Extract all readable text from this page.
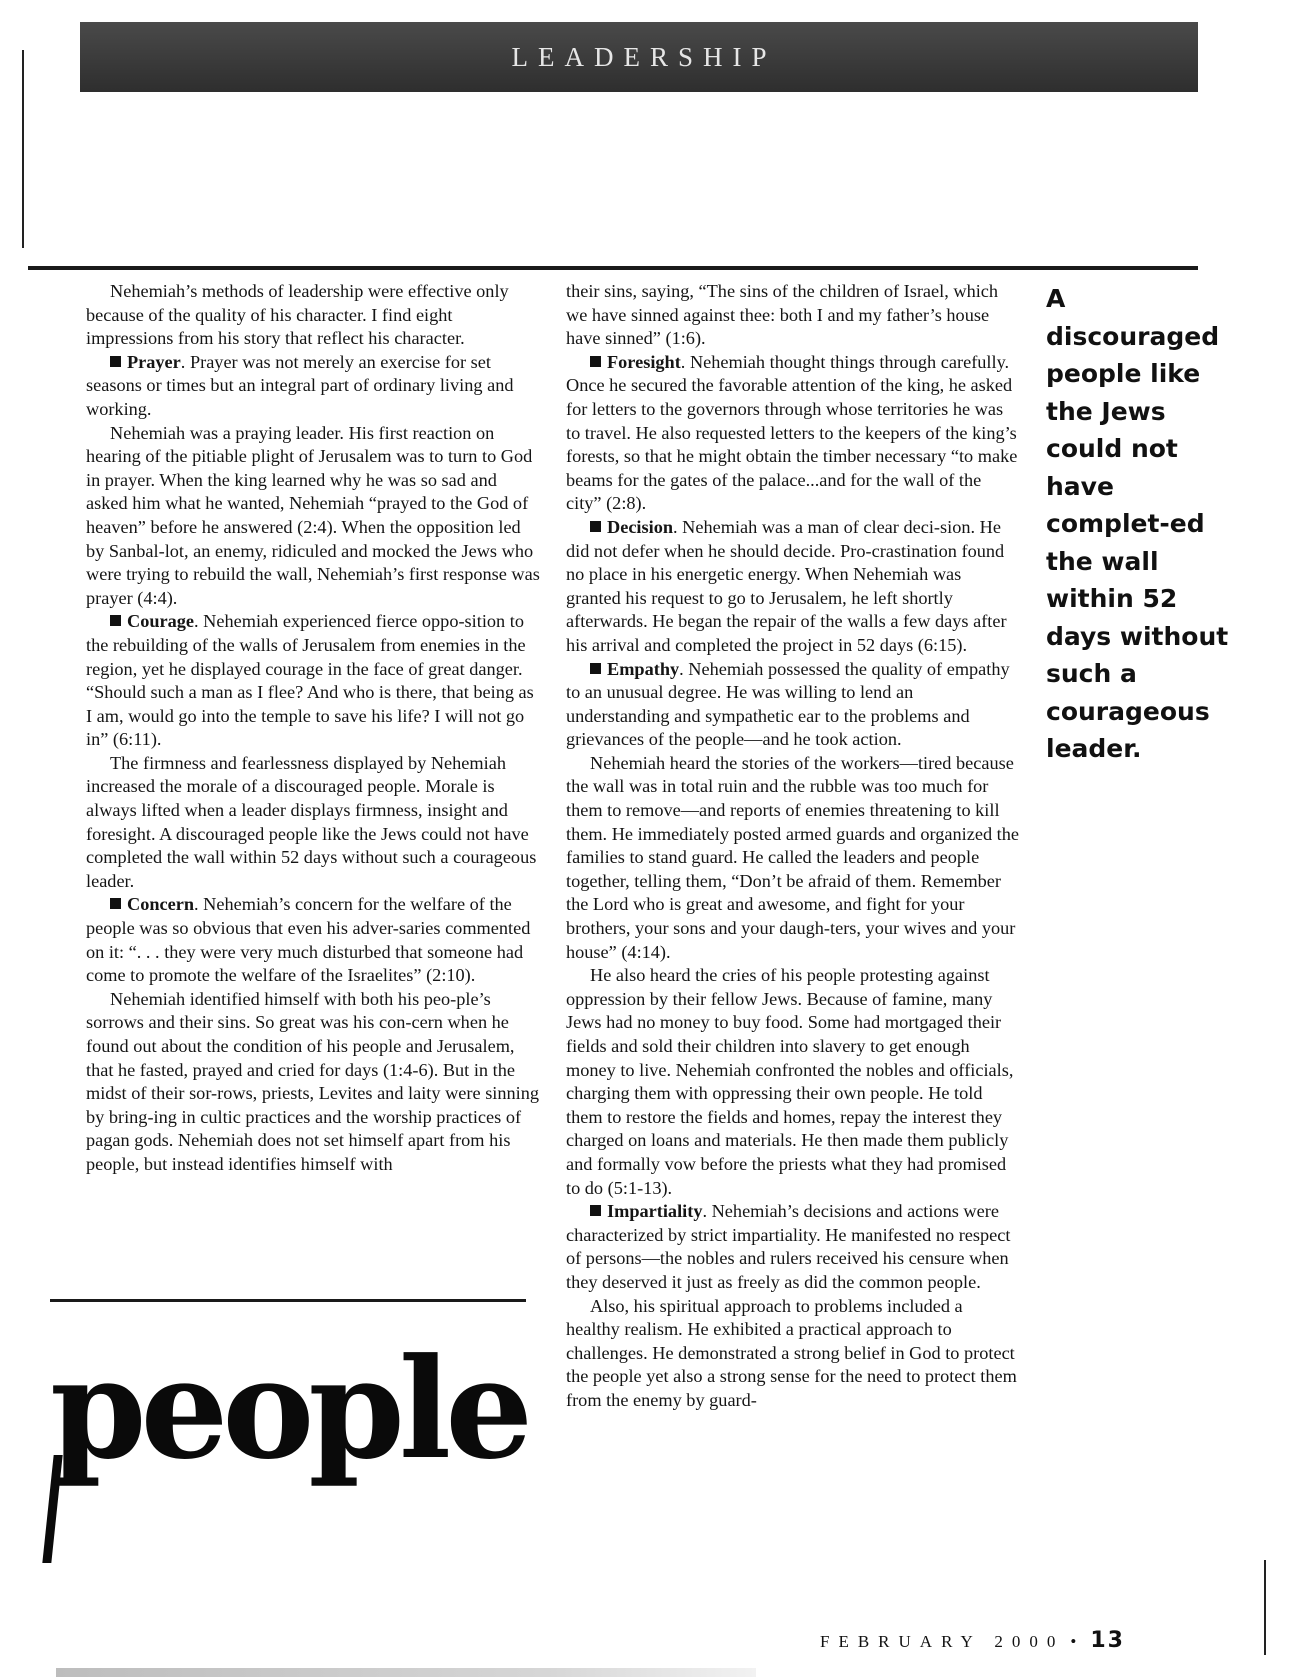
LEADERSHIP

Nehemiah’s methods of leadership were effective only because of the quality of his character. I find eight impressions from his story that reflect his character.

Prayer. Prayer was not merely an exercise for set seasons or times but an integral part of ordinary living and working.

Nehemiah was a praying leader. His first reaction on hearing of the pitiable plight of Jerusalem was to turn to God in prayer. When the king learned why he was so sad and asked him what he wanted, Nehemiah “prayed to the God of heaven” before he answered (2:4). When the opposition led by Sanbal-lot, an enemy, ridiculed and mocked the Jews who were trying to rebuild the wall, Nehemiah’s first response was prayer (4:4).

Courage. Nehemiah experienced fierce oppo-sition to the rebuilding of the walls of Jerusalem from enemies in the region, yet he displayed courage in the face of great danger. “Should such a man as I flee? And who is there, that being as I am, would go into the temple to save his life? I will not go in” (6:11).

The firmness and fearlessness displayed by Nehemiah increased the morale of a discouraged people. Morale is always lifted when a leader displays firmness, insight and foresight. A discouraged people like the Jews could not have completed the wall within 52 days without such a courageous leader.

Concern. Nehemiah’s concern for the welfare of the people was so obvious that even his adver-saries commented on it: “. . . they were very much disturbed that someone had come to promote the welfare of the Israelites” (2:10).

Nehemiah identified himself with both his peo-ple’s sorrows and their sins. So great was his con-cern when he found out about the condition of his people and Jerusalem, that he fasted, prayed and cried for days (1:4-6). But in the midst of their sor-rows, priests, Levites and laity were sinning by bring-ing in cultic practices and the worship practices of pagan gods. Nehemiah does not set himself apart from his people, but instead identifies himself with

their sins, saying, “The sins of the children of Israel, which we have sinned against thee: both I and my father’s house have sinned” (1:6).

Foresight. Nehemiah thought things through carefully. Once he secured the favorable attention of the king, he asked for letters to the governors through whose territories he was to travel. He also requested letters to the keepers of the king’s forests, so that he might obtain the timber necessary “to make beams for the gates of the palace...and for the wall of the city” (2:8).

Decision. Nehemiah was a man of clear deci-sion. He did not defer when he should decide. Pro-crastination found no place in his energetic energy. When Nehemiah was granted his request to go to Jerusalem, he left shortly afterwards. He began the repair of the walls a few days after his arrival and completed the project in 52 days (6:15).

Empathy. Nehemiah possessed the quality of empathy to an unusual degree. He was willing to lend an understanding and sympathetic ear to the problems and grievances of the people—and he took action.

Nehemiah heard the stories of the workers—tired because the wall was in total ruin and the rubble was too much for them to remove—and reports of enemies threatening to kill them. He immediately posted armed guards and organized the families to stand guard. He called the leaders and people together, telling them, “Don’t be afraid of them. Remember the Lord who is great and awesome, and fight for your brothers, your sons and your daugh-ters, your wives and your house” (4:14).

He also heard the cries of his people protesting against oppression by their fellow Jews. Because of famine, many Jews had no money to buy food. Some had mortgaged their fields and sold their children into slavery to get enough money to live. Nehemiah confronted the nobles and officials, charging them with oppressing their own people. He told them to restore the fields and homes, repay the interest they charged on loans and materials. He then made them publicly and formally vow before the priests what they had promised to do (5:1-13).

Impartiality. Nehemiah’s decisions and actions were characterized by strict impartiality. He manifested no respect of persons—the nobles and rulers received his censure when they deserved it just as freely as did the common people.

Also, his spiritual approach to problems included a healthy realism. He exhibited a practical approach to challenges. He demonstrated a strong belief in God to protect the people yet also a strong sense for the need to protect them from the enemy by guard-

A discouraged people like the Jews could not have complet-ed the wall within 52 days without such a courageous leader.
people
FEBRUARY 2000 • 13
